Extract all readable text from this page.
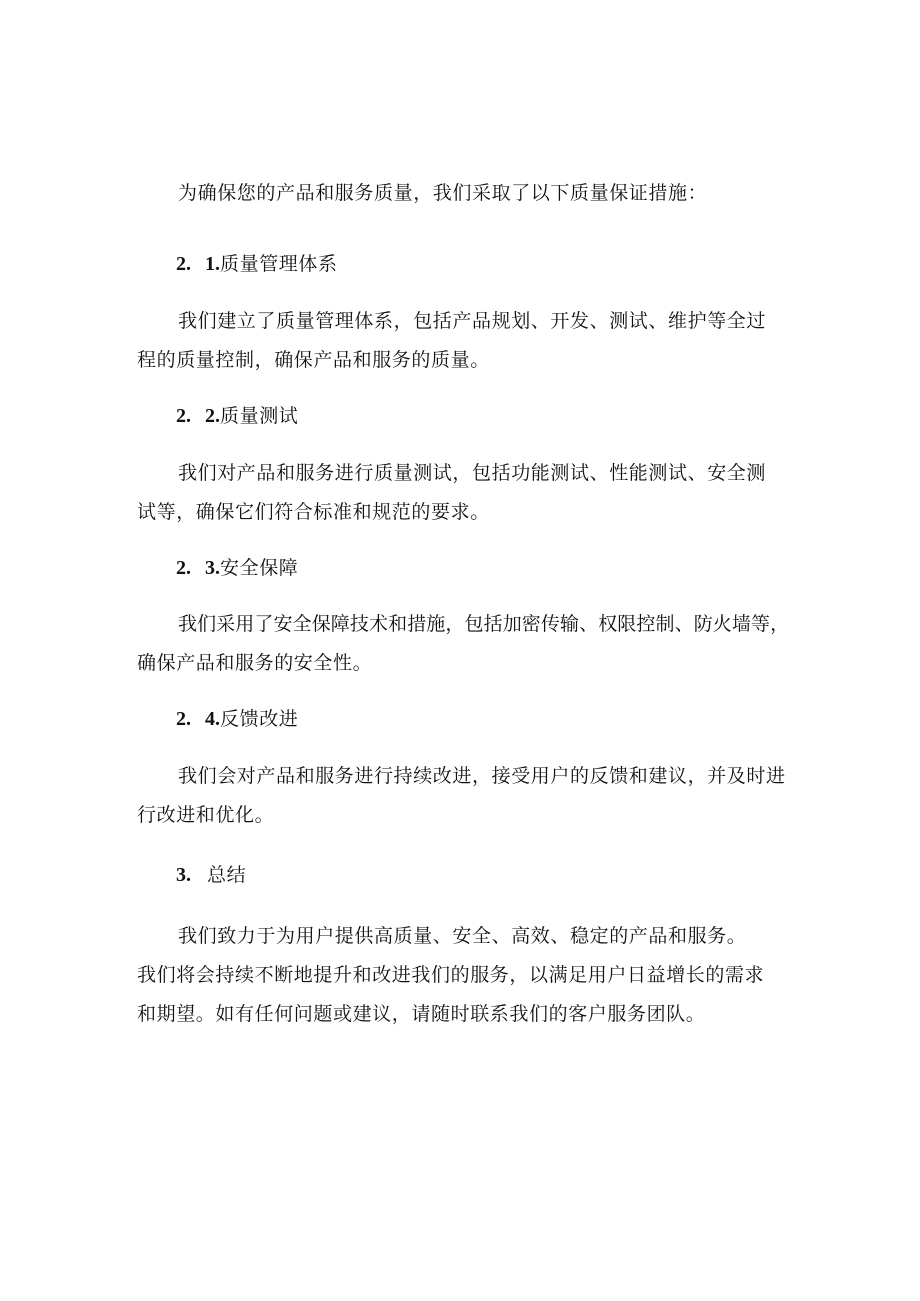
为确保您的产品和服务质量，我们采取了以下质量保证措施：
2. 1.质量管理体系
我们建立了质量管理体系，包括产品规划、开发、测试、维护等全过
程的质量控制，确保产品和服务的质量。
2. 2.质量测试
我们对产品和服务进行质量测试，包括功能测试、性能测试、安全测
试等，确保它们符合标准和规范的要求。
2. 3.安全保障
我们采用了安全保障技术和措施，包括加密传输、权限控制、防火墙等，
确保产品和服务的安全性。
2. 4.反馈改进
我们会对产品和服务进行持续改进，接受用户的反馈和建议，并及时进
行改进和优化。
3. 总结
我们致力于为用户提供高质量、安全、高效、稳定的产品和服务。
我们将会持续不断地提升和改进我们的服务，以满足用户日益增长的需求
和期望。如有任何问题或建议，请随时联系我们的客户服务团队。
